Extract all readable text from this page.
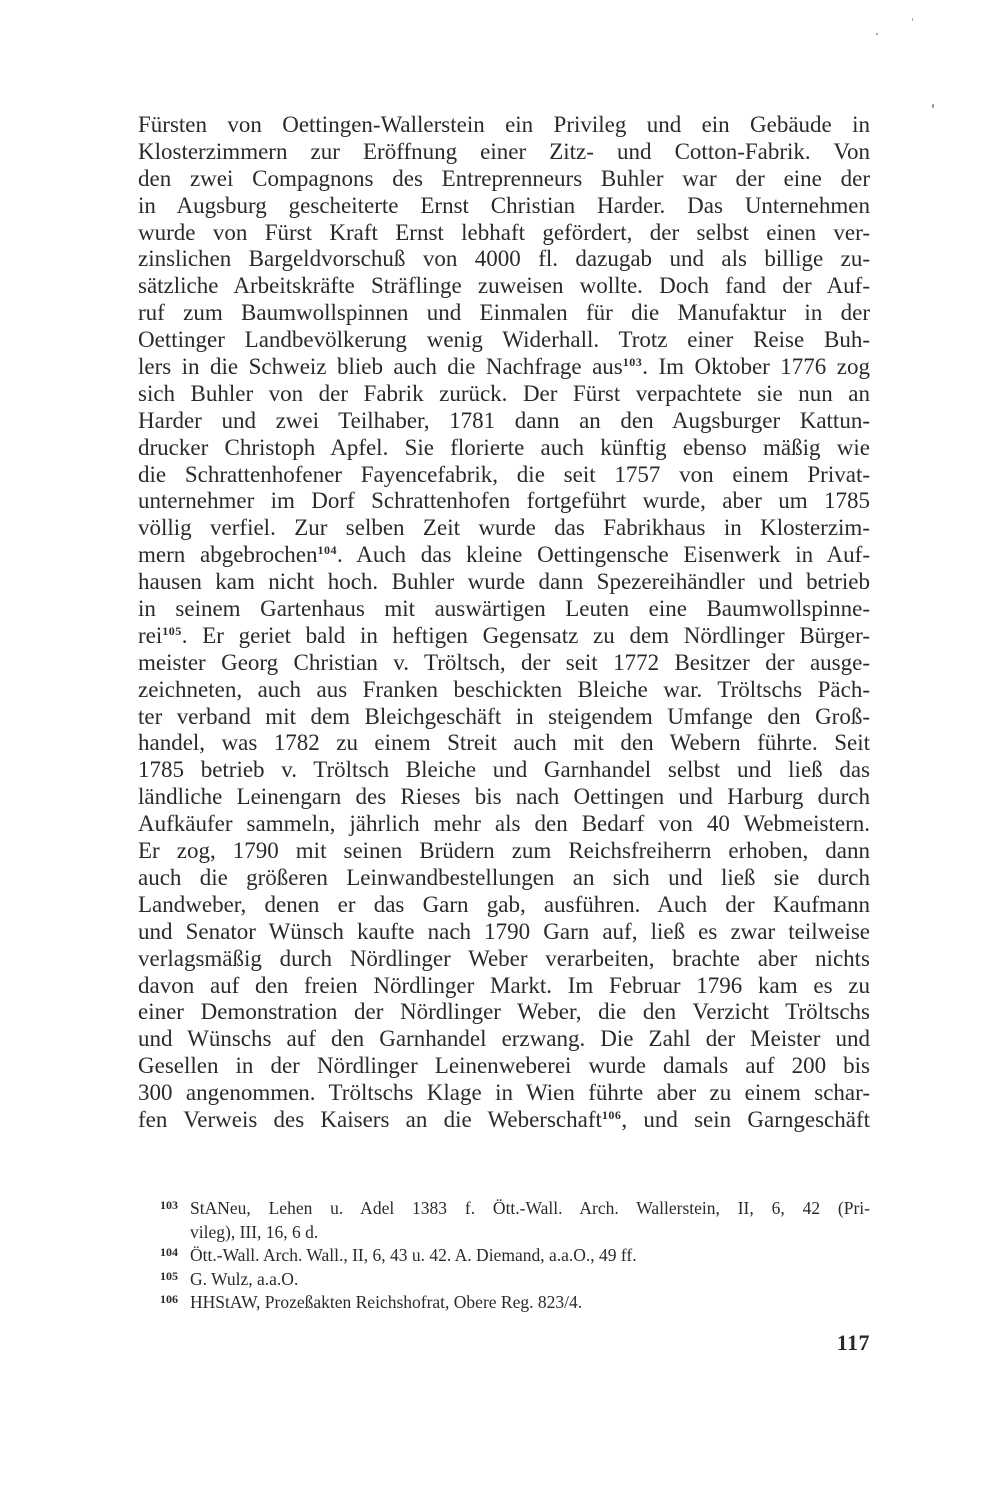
Fürsten von Oettingen-Wallerstein ein Privileg und ein Gebäude in
Klosterzimmern zur Eröffnung einer Zitz- und Cotton-Fabrik. Von
den zwei Compagnons des Entreprenneurs Buhler war der eine der
in Augsburg gescheiterte Ernst Christian Harder. Das Unternehmen
wurde von Fürst Kraft Ernst lebhaft gefördert, der selbst einen ver-
zinslichen Bargeldvorschuß von 4000 fl. dazugab und als billige zu-
sätzliche Arbeitskräfte Sträflinge zuweisen wollte. Doch fand der Auf-
ruf zum Baumwollspinnen und Einmalen für die Manufaktur in der
Oettinger Landbevölkerung wenig Widerhall. Trotz einer Reise Buh-
lers in die Schweiz blieb auch die Nachfrage aus$^{103}$. Im Oktober 1776 zog
sich Buhler von der Fabrik zurück. Der Fürst verpachtete sie nun an
Harder und zwei Teilhaber, 1781 dann an den Augsburger Kattun-
drucker Christoph Apfel. Sie florierte auch künftig ebenso mäßig wie
die Schrattenhofener Fayencefabrik, die seit 1757 von einem Privat-
unternehmer im Dorf Schrattenhofen fortgeführt wurde, aber um 1785
völlig verfiel. Zur selben Zeit wurde das Fabrikhaus in Klosterzim-
mern abgebrochen$^{104}$. Auch das kleine Oettingensche Eisenwerk in Auf-
hausen kam nicht hoch. Buhler wurde dann Spezereihändler und betrieb
in seinem Gartenhaus mit auswärtigen Leuten eine Baumwollspinne-
rei$^{105}$. Er geriet bald in heftigen Gegensatz zu dem Nördlinger Bürger-
meister Georg Christian v. Tröltsch, der seit 1772 Besitzer der ausge-
zeichneten, auch aus Franken beschickten Bleiche war. Tröltschs Päch-
ter verband mit dem Bleichgeschäft in steigendem Umfange den Groß-
handel, was 1782 zu einem Streit auch mit den Webern führte. Seit
1785 betrieb v. Tröltsch Bleiche und Garnhandel selbst und ließ das
ländliche Leinengarn des Rieses bis nach Oettingen und Harburg durch
Aufkäufer sammeln, jährlich mehr als den Bedarf von 40 Webmeistern.
Er zog, 1790 mit seinen Brüdern zum Reichsfreiherrn erhoben, dann
auch die größeren Leinwandbestellungen an sich und ließ sie durch
Landweber, denen er das Garn gab, ausführen. Auch der Kaufmann
und Senator Wünsch kaufte nach 1790 Garn auf, ließ es zwar teilweise
verlagsmäßig durch Nördlinger Weber verarbeiten, brachte aber nichts
davon auf den freien Nördlinger Markt. Im Februar 1796 kam es zu
einer Demonstration der Nördlinger Weber, die den Verzicht Tröltschs
und Wünschs auf den Garnhandel erzwang. Die Zahl der Meister und
Gesellen in der Nördlinger Leinenweberei wurde damals auf 200 bis
300 angenommen. Tröltschs Klage in Wien führte aber zu einem schar-
fen Verweis des Kaisers an die Weberschaft$^{106}$, und sein Garngeschäft
103 StANeu, Lehen u. Adel 1383 f. Ött.-Wall. Arch. Wallerstein, II, 6, 42 (Pri-
vileg), III, 16, 6 d.
104 Ött.-Wall. Arch. Wall., II, 6, 43 u. 42. A. Diemand, a.a.O., 49 ff.
105 G. Wulz, a.a.O.
106 HHStAW, Prozeßakten Reichshofrat, Obere Reg. 823/4.
117
